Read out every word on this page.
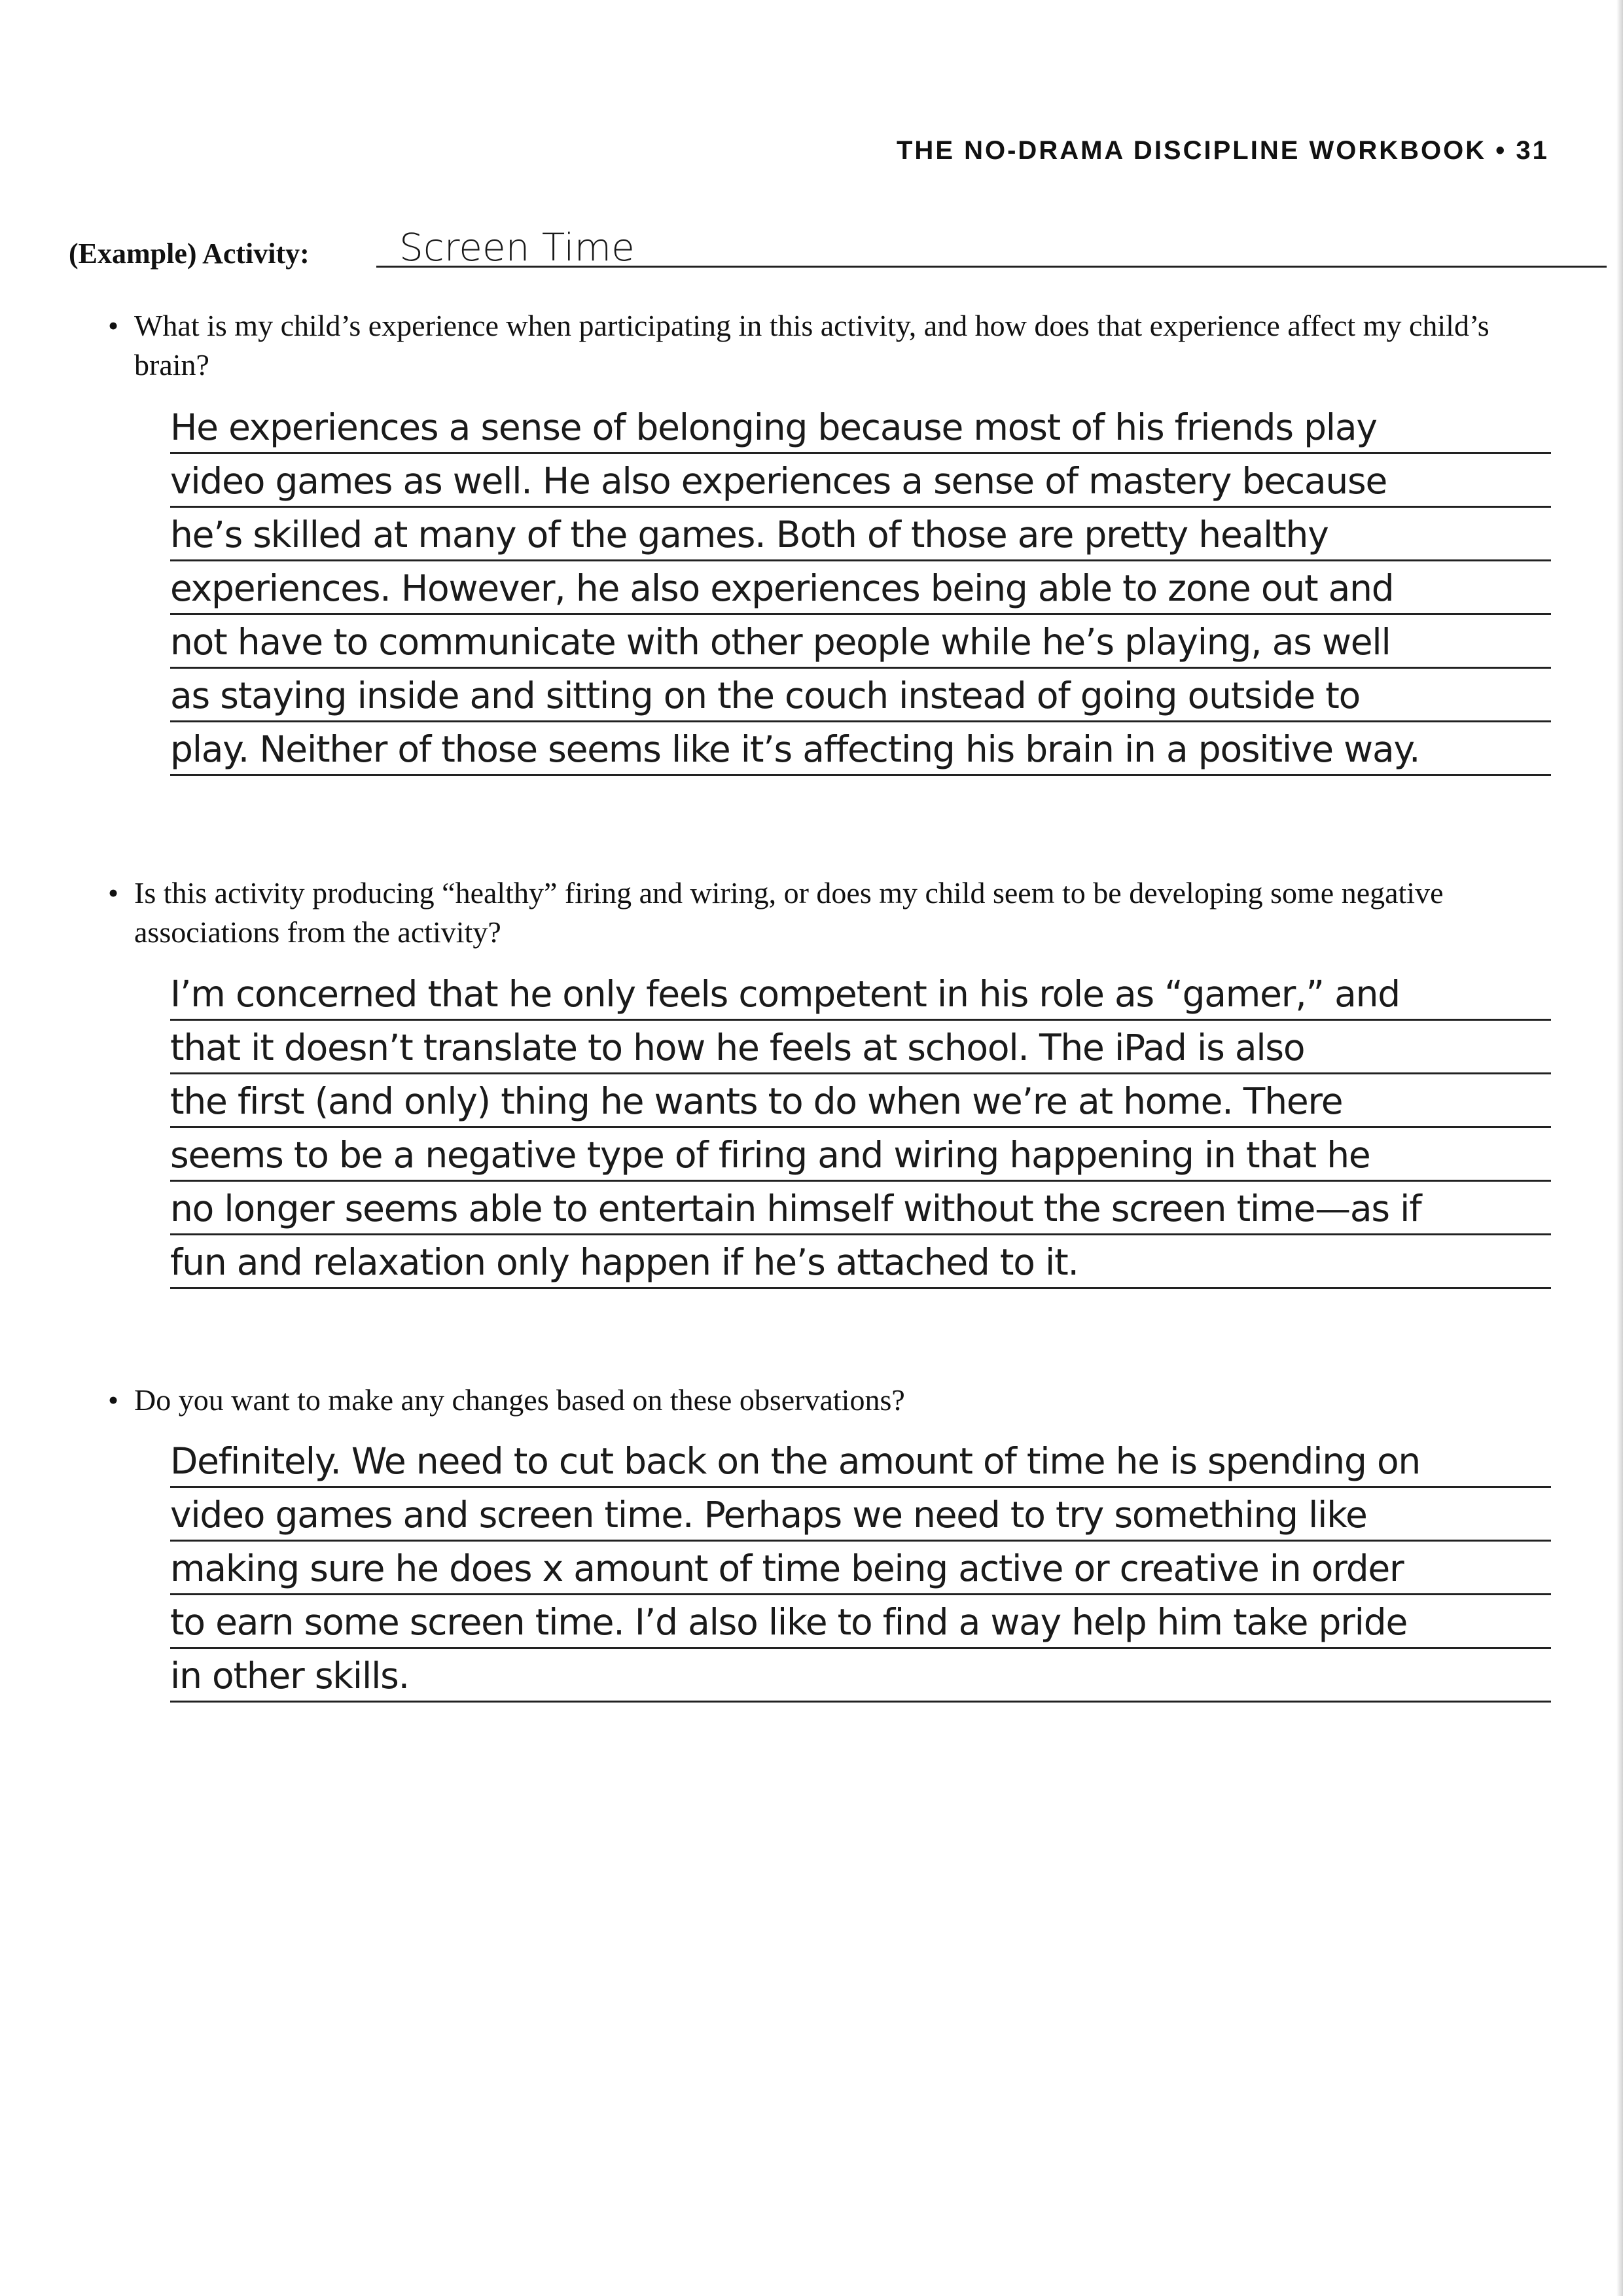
THE NO-DRAMA DISCIPLINE WORKBOOK • 31
(Example) Activity: Screen Time
• What is my child’s experience when participating in this activity, and how does that experience affect my child’s brain?
He experiences a sense of belonging because most of his friends play
video games as well. He also experiences a sense of mastery because
he’s skilled at many of the games. Both of those are pretty healthy
experiences. However, he also experiences being able to zone out and
not have to communicate with other people while he’s playing, as well
as staying inside and sitting on the couch instead of going outside to
play. Neither of those seems like it’s affecting his brain in a positive way.
• Is this activity producing “healthy” firing and wiring, or does my child seem to be developing some negative associations from the activity?
I’m concerned that he only feels competent in his role as “gamer,” and
that it doesn’t translate to how he feels at school. The iPad is also
the first (and only) thing he wants to do when we’re at home. There
seems to be a negative type of firing and wiring happening in that he
no longer seems able to entertain himself without the screen time—as if
fun and relaxation only happen if he’s attached to it.
• Do you want to make any changes based on these observations?
Definitely. We need to cut back on the amount of time he is spending on
video games and screen time. Perhaps we need to try something like
making sure he does x amount of time being active or creative in order
to earn some screen time. I’d also like to find a way help him take pride
in other skills.
